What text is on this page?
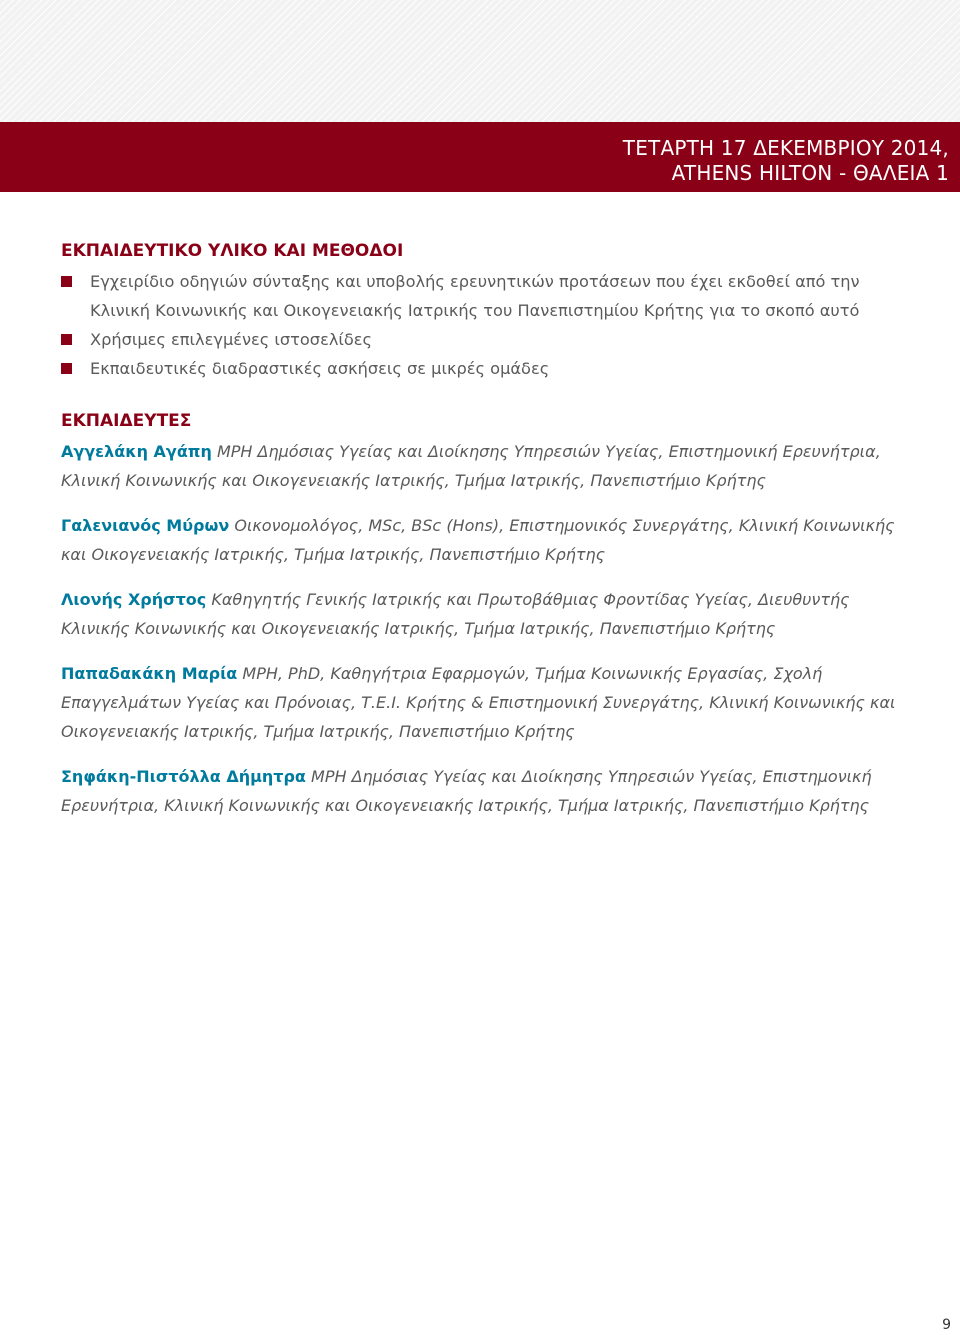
ΤΕΤΑΡΤΗ 17 ΔΕΚΕΜΒΡΙΟΥ 2014,
ATHENS HILTON - ΘΑΛΕΙΑ 1
ΕΚΠΑΙΔΕΥΤΙΚΟ ΥΛΙΚΟ ΚΑΙ ΜΕΘΟΔΟΙ
Εγχειρίδιο οδηγιών σύνταξης και υποβολής ερευνητικών προτάσεων που έχει εκδοθεί από την Κλινική Κοινωνικής και Οικογενειακής Ιατρικής του Πανεπιστημίου Κρήτης για το σκοπό αυτό
Χρήσιμες επιλεγμένες ιστοσελίδες
Εκπαιδευτικές διαδραστικές ασκήσεις σε μικρές ομάδες
ΕΚΠΑΙΔΕΥΤΕΣ

Αγγελάκη Αγάπη MPH Δημόσιας Υγείας και Διοίκησης Υπηρεσιών Υγείας, Επιστημονική Ερευνήτρια, Κλινική Κοινωνικής και Οικογενειακής Ιατρικής, Τμήμα Ιατρικής, Πανεπιστήμιο Κρήτης

Γαλενιανός Μύρων Οικονομολόγος, MSc, BSc (Hons), Επιστημονικός Συνεργάτης, Κλινική Κοινωνικής και Οικογενειακής Ιατρικής, Τμήμα Ιατρικής, Πανεπιστήμιο Κρήτης

Λιονής Χρήστος Καθηγητής Γενικής Ιατρικής και Πρωτοβάθμιας Φροντίδας Υγείας, Διευθυντής Κλινικής Κοινωνικής και Οικογενειακής Ιατρικής, Τμήμα Ιατρικής, Πανεπιστήμιο Κρήτης

Παπαδακάκη Μαρία MPH, PhD, Καθηγήτρια Εφαρμογών, Τμήμα Κοινωνικής Εργασίας, Σχολή Επαγγελμάτων Υγείας και Πρόνοιας, Τ.Ε.Ι. Κρήτης & Επιστημονική Συνεργάτης, Κλινική Κοινωνικής και Οικογενειακής Ιατρικής, Τμήμα Ιατρικής, Πανεπιστήμιο Κρήτης

Σηφάκη-Πιστόλλα Δήμητρα MPH Δημόσιας Υγείας και Διοίκησης Υπηρεσιών Υγείας, Επιστημονική Ερευνήτρια, Κλινική Κοινωνικής και Οικογενειακής Ιατρικής, Τμήμα Ιατρικής, Πανεπιστήμιο Κρήτης

9
